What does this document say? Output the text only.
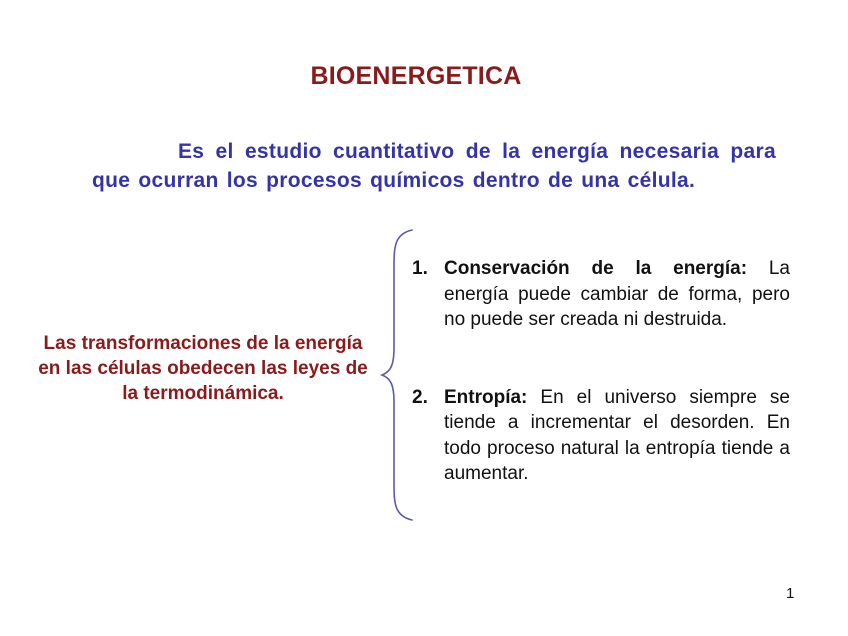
BIOENERGETICA
Es el estudio cuantitativo de la energía necesaria para que ocurran los procesos químicos dentro de una célula.
Las transformaciones de la energía en las células obedecen las leyes de la termodinámica.
1. Conservación de la energía: La energía puede cambiar de forma, pero no puede ser creada ni destruida.
2. Entropía: En el universo siempre se tiende a incrementar el desorden. En todo proceso natural la entropía tiende a aumentar.
1
